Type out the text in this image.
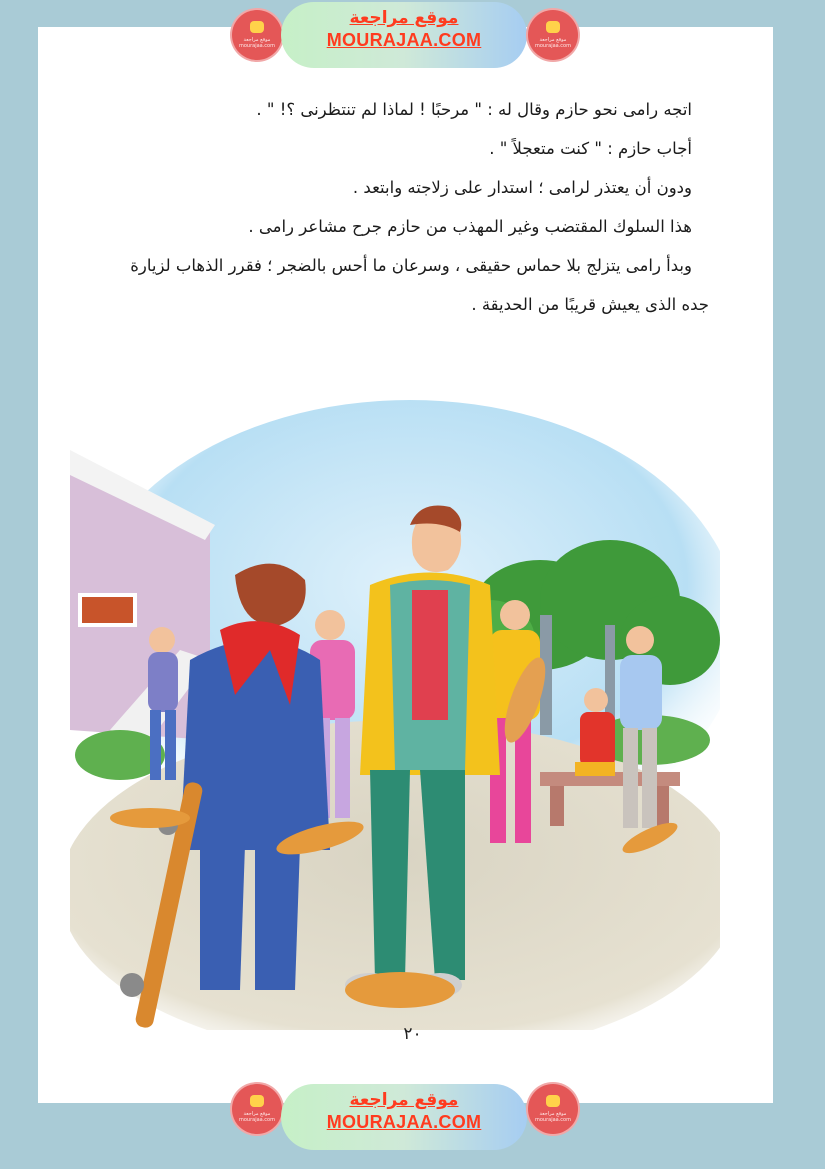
موقع مراجعة
mourajaa.com
موقع مراجعة
MOURAJAA.COM	موقع مراجعة
mourajaa.com
اتجه رامى نحو حازم وقال له : " مرحبًا ! لماذا لم تنتظرنى ؟! " .
أجاب حازم : " كنت متعجلاً " .
ودون أن يعتذر لرامى ؛ استدار على زلاجته وابتعد .
هذا السلوك المقتضب وغير المهذب من حازم جرح مشاعر رامى .
وبدأ رامى يتزلج بلا حماس حقيقى ، وسرعان ما أحس بالضجر ؛ فقرر الذهاب لزيارة
جده الذى يعيش قريبًا من الحديقة .
٢٠
موقع مراجعة
mourajaa.com
موقع مراجعة
MOURAJAA.COM	موقع مراجعة
mourajaa.com
